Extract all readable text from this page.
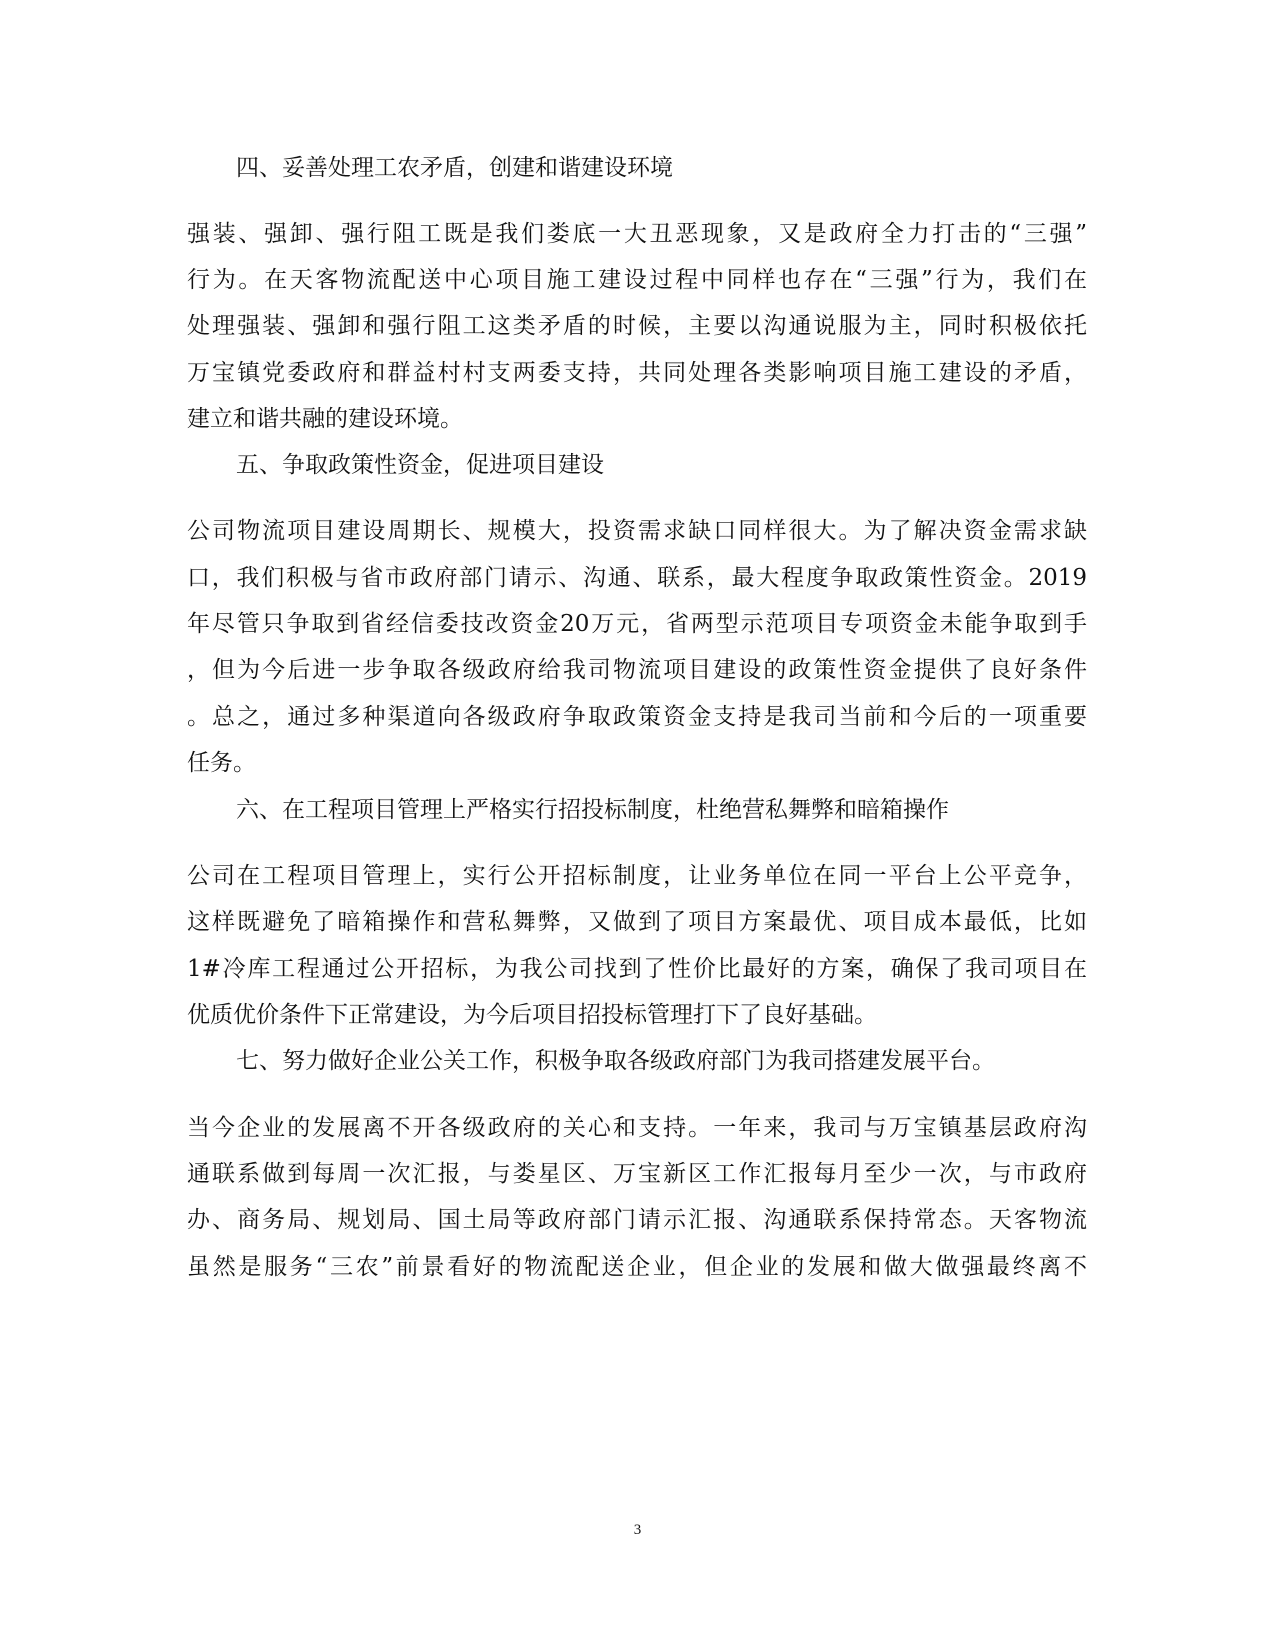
四、妥善处理工农矛盾，创建和谐建设环境
强装、强卸、强行阻工既是我们娄底一大丑恶现象，又是政府全力打击的“三强”
行为。在天客物流配送中心项目施工建设过程中同样也存在“三强”行为，我们在
处理强装、强卸和强行阻工这类矛盾的时候，主要以沟通说服为主，同时积极依托
万宝镇党委政府和群益村村支两委支持，共同处理各类影响项目施工建设的矛盾，
建立和谐共融的建设环境。
五、争取政策性资金，促进项目建设
公司物流项目建设周期长、规模大，投资需求缺口同样很大。为了解决资金需求缺
口，我们积极与省市政府部门请示、沟通、联系，最大程度争取政策性资金。2019
年尽管只争取到省经信委技改资金20万元，省两型示范项目专项资金未能争取到手
，但为今后进一步争取各级政府给我司物流项目建设的政策性资金提供了良好条件
。总之，通过多种渠道向各级政府争取政策资金支持是我司当前和今后的一项重要
任务。
六、在工程项目管理上严格实行招投标制度，杜绝营私舞弊和暗箱操作
公司在工程项目管理上，实行公开招标制度，让业务单位在同一平台上公平竞争，
这样既避免了暗箱操作和营私舞弊，又做到了项目方案最优、项目成本最低，比如
1#冷库工程通过公开招标，为我公司找到了性价比最好的方案，确保了我司项目在
优质优价条件下正常建设，为今后项目招投标管理打下了良好基础。
七、努力做好企业公关工作，积极争取各级政府部门为我司搭建发展平台。
当今企业的发展离不开各级政府的关心和支持。一年来，我司与万宝镇基层政府沟
通联系做到每周一次汇报，与娄星区、万宝新区工作汇报每月至少一次，与市政府
办、商务局、规划局、国土局等政府部门请示汇报、沟通联系保持常态。天客物流
虽然是服务“三农”前景看好的物流配送企业，但企业的发展和做大做强最终离不
3
